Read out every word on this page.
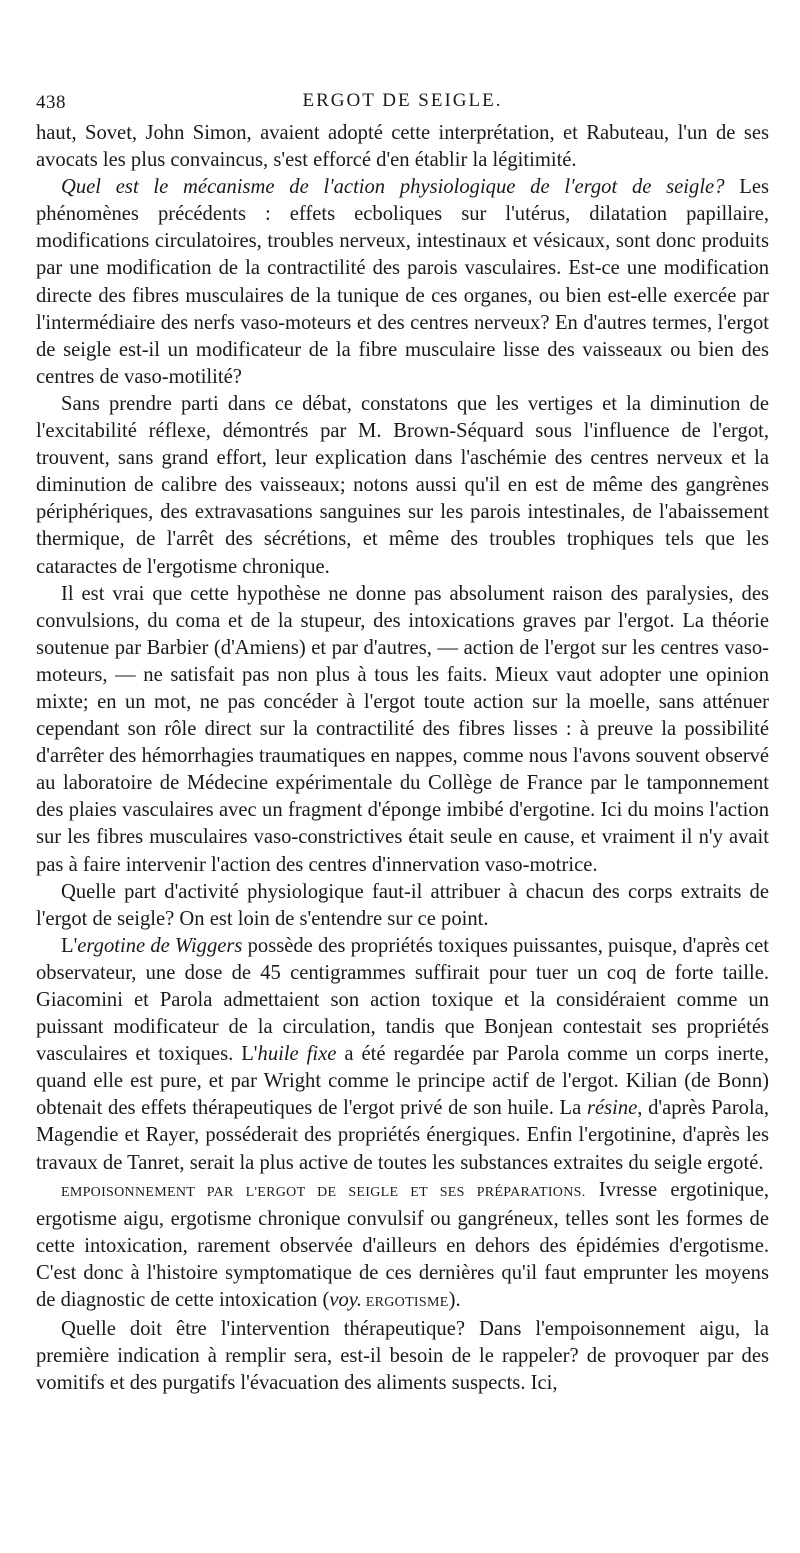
438	ERGOT DE SEIGLE.

haut, Sovet, John Simon, avaient adopté cette interprétation, et Rabuteau, l'un de ses avocats les plus convaincus, s'est efforcé d'en établir la légitimité.

Quel est le mécanisme de l'action physiologique de l'ergot de seigle? Les phénomènes précédents : effets ecboliques sur l'utérus, dilatation papillaire, modifications circulatoires, troubles nerveux, intestinaux et vésicaux, sont donc produits par une modification de la contractilité des parois vasculaires. Est-ce une modification directe des fibres musculaires de la tunique de ces organes, ou bien est-elle exercée par l'intermédiaire des nerfs vaso-moteurs et des centres nerveux? En d'autres termes, l'ergot de seigle est-il un modificateur de la fibre musculaire lisse des vaisseaux ou bien des centres de vaso-motilité?

Sans prendre parti dans ce débat, constatons que les vertiges et la diminution de l'excitabilité réflexe, démontrés par M. Brown-Séquard sous l'influence de l'ergot, trouvent, sans grand effort, leur explication dans l'aschémie des centres nerveux et la diminution de calibre des vaisseaux; notons aussi qu'il en est de même des gangrènes périphériques, des extravasations sanguines sur les parois intestinales, de l'abaissement thermique, de l'arrêt des sécrétions, et même des troubles trophiques tels que les cataractes de l'ergotisme chronique.

Il est vrai que cette hypothèse ne donne pas absolument raison des paralysies, des convulsions, du coma et de la stupeur, des intoxications graves par l'ergot. La théorie soutenue par Barbier (d'Amiens) et par d'autres, — action de l'ergot sur les centres vaso-moteurs, — ne satisfait pas non plus à tous les faits. Mieux vaut adopter une opinion mixte; en un mot, ne pas concéder à l'ergot toute action sur la moelle, sans atténuer cependant son rôle direct sur la contractilité des fibres lisses : à preuve la possibilité d'arrêter des hémorrhagies traumatiques en nappes, comme nous l'avons souvent observé au laboratoire de Médecine expérimentale du Collège de France par le tamponnement des plaies vasculaires avec un fragment d'éponge imbibé d'ergotine. Ici du moins l'action sur les fibres musculaires vaso-constrictives était seule en cause, et vraiment il n'y avait pas à faire intervenir l'action des centres d'innervation vaso-motrice.

Quelle part d'activité physiologique faut-il attribuer à chacun des corps extraits de l'ergot de seigle? On est loin de s'entendre sur ce point.

L'ergotine de Wiggers possède des propriétés toxiques puissantes, puisque, d'après cet observateur, une dose de 45 centigrammes suffirait pour tuer un coq de forte taille. Giacomini et Parola admettaient son action toxique et la considéraient comme un puissant modificateur de la circulation, tandis que Bonjean contestait ses propriétés vasculaires et toxiques. L'huile fixe a été regardée par Parola comme un corps inerte, quand elle est pure, et par Wright comme le principe actif de l'ergot. Kilian (de Bonn) obtenait des effets thérapeutiques de l'ergot privé de son huile. La résine, d'après Parola, Magendie et Rayer, posséderait des propriétés énergiques. Enfin l'ergotinine, d'après les travaux de Tanret, serait la plus active de toutes les substances extraites du seigle ergoté.

EMPOISONNEMENT PAR L'ERGOT DE SEIGLE ET SES PRÉPARATIONS. Ivresse ergotinique, ergotisme aigu, ergotisme chronique convulsif ou gangréneux, telles sont les formes de cette intoxication, rarement observée d'ailleurs en dehors des épidémies d'ergotisme. C'est donc à l'histoire symptomatique de ces dernières qu'il faut emprunter les moyens de diagnostic de cette intoxication (voy. ERGOTISME).

Quelle doit être l'intervention thérapeutique? Dans l'empoisonnement aigu, la première indication à remplir sera, est-il besoin de le rappeler? de provoquer par des vomitifs et des purgatifs l'évacuation des aliments suspects. Ici,
